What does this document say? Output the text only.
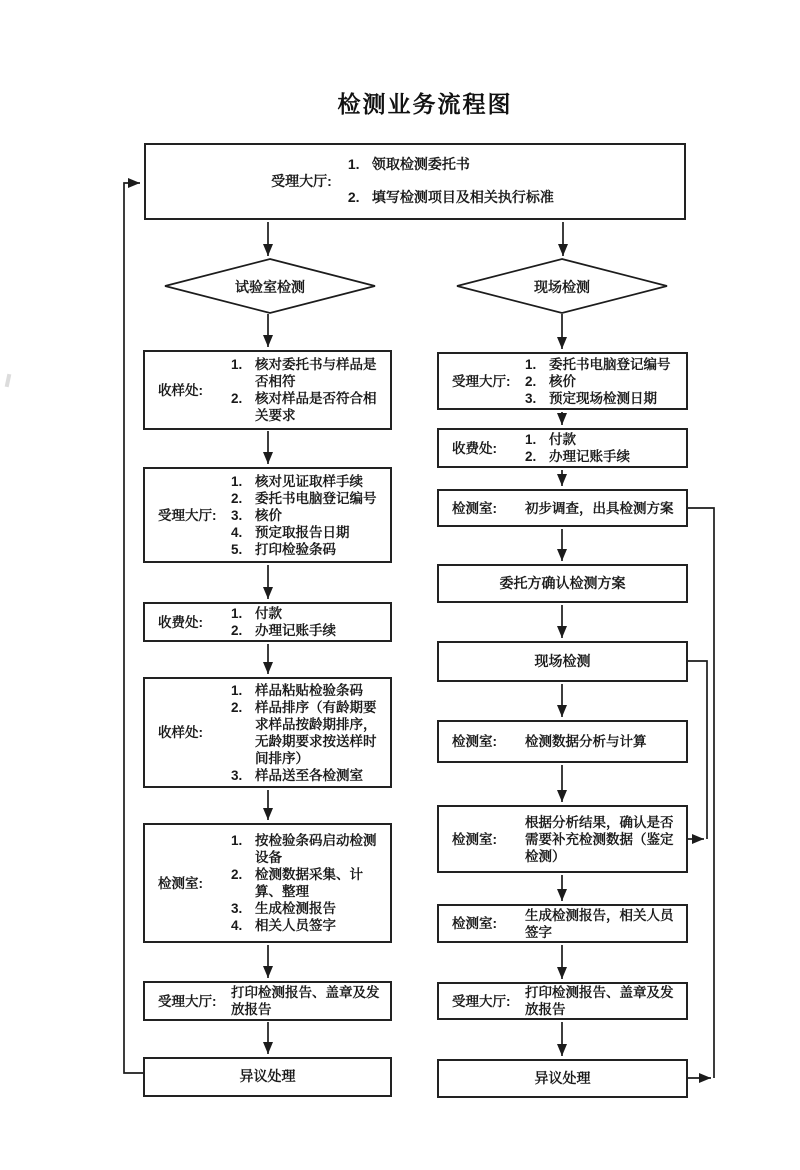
检测业务流程图
受理大厅:
领取检测委托书
填写检测项目及相关执行标准
试验室检测	现场检测
收样处:
核对委托书与样品是否相符
核对样品是否符合相关要求
受理大厅:
核对见证取样手续
委托书电脑登记编号
核价
预定取报告日期
打印检验条码
收费处:
付款
办理记账手续
收样处:
样品粘贴检验条码
样品排序（有龄期要求样品按龄期排序，无龄期要求按送样时间排序）
样品送至各检测室
检测室:
按检验条码启动检测设备
检测数据采集、计算、整理
生成检测报告
相关人员签字
受理大厅:
打印检测报告、盖章及发放报告
异议处理
受理大厅:
委托书电脑登记编号
核价
预定现场检测日期
收费处:
付款
办理记账手续
检测室:	初步调查，出具检测方案
委托方确认检测方案
现场检测
检测室:	检测数据分析与计算
检测室:
根据分析结果，确认是否需要补充检测数据（鉴定检测）
检测室:
生成检测报告，相关人员签字
受理大厅:
打印检测报告、盖章及发放报告
异议处理
